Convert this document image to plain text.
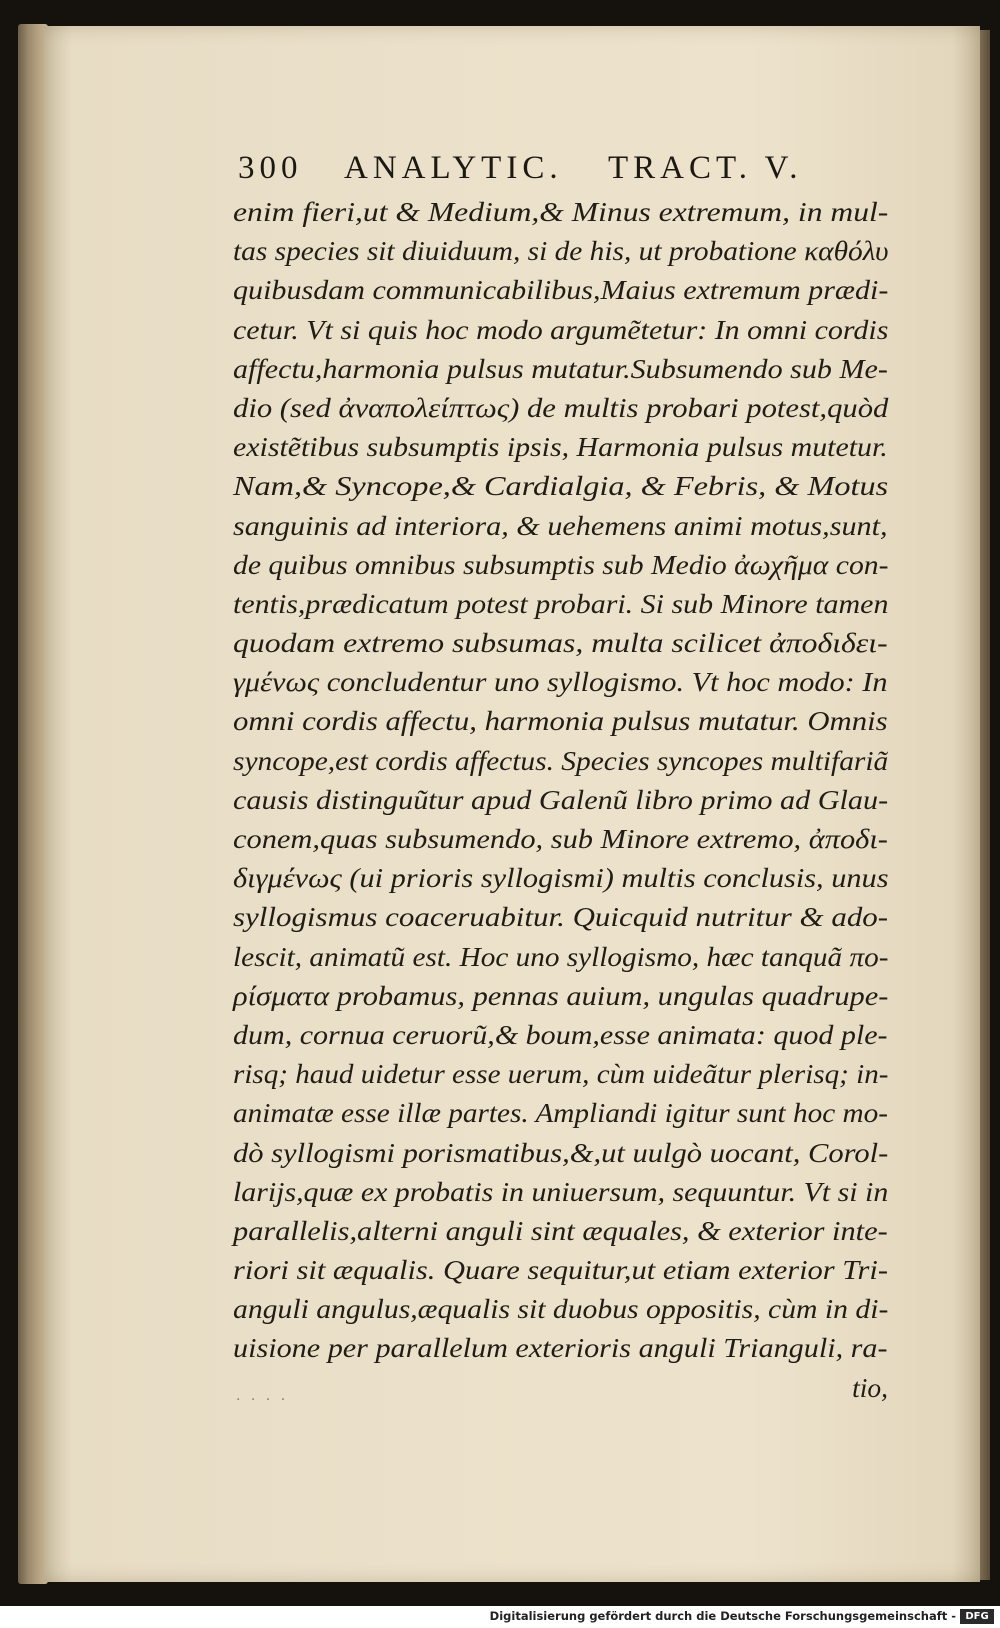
300 ANALYTIC. TRACT. V.
enim fieri,ut & Medium,& Minus extremum, in mul-
tas species sit diuiduum, si de his, ut probatione καθόλυ
quibusdam communicabilibus,Maius extremum prædi-
cetur. Vt si quis hoc modo argumẽtetur: In omni cordis
affectu,harmonia pulsus mutatur.Subsumendo sub Me-
dio (sed ἀναπολείπτως) de multis probari potest,quòd
existẽtibus subsumptis ipsis, Harmonia pulsus mutetur.
Nam,& Syncope,& Cardialgia, & Febris, & Motus
sanguinis ad interiora, & uehemens animi motus,sunt,
de quibus omnibus subsumptis sub Medio ἀωχῆμα con-
tentis,prædicatum potest probari. Si sub Minore tamen
quodam extremo subsumas, multa scilicet ἀποδιδει-
γμένως concludentur uno syllogismo. Vt hoc modo: In
omni cordis affectu, harmonia pulsus mutatur. Omnis
syncope,est cordis affectus. Species syncopes multifariã
causis distinguũtur apud Galenũ libro primo ad Glau-
conem,quas subsumendo, sub Minore extremo, ἀποδι-
διγμένως (ui prioris syllogismi) multis conclusis, unus
syllogismus coaceruabitur. Quicquid nutritur & ado-
lescit, animatũ est. Hoc uno syllogismo, hæc tanquã πο-
ρίσματα probamus, pennas auium, ungulas quadrupe-
dum, cornua ceruorũ,& boum,esse animata: quod ple-
risq; haud uidetur esse uerum, cùm uideãtur plerisq; in-
animatæ esse illæ partes. Ampliandi igitur sunt hoc mo-
dò syllogismi porismatibus,&,ut uulgò uocant, Corol-
larijs,quæ ex probatis in uniuersum, sequuntur. Vt si in
parallelis,alterni anguli sint æquales, & exterior inte-
riori sit æqualis. Quare sequitur,ut etiam exterior Tri-
anguli angulus,æqualis sit duobus oppositis, cùm in di-
uisione per parallelum exterioris anguli Trianguli, ra-
tio,
· · · ·
Digitalisierung gefördert durch die Deutsche Forschungsgemeinschaft - DFG
